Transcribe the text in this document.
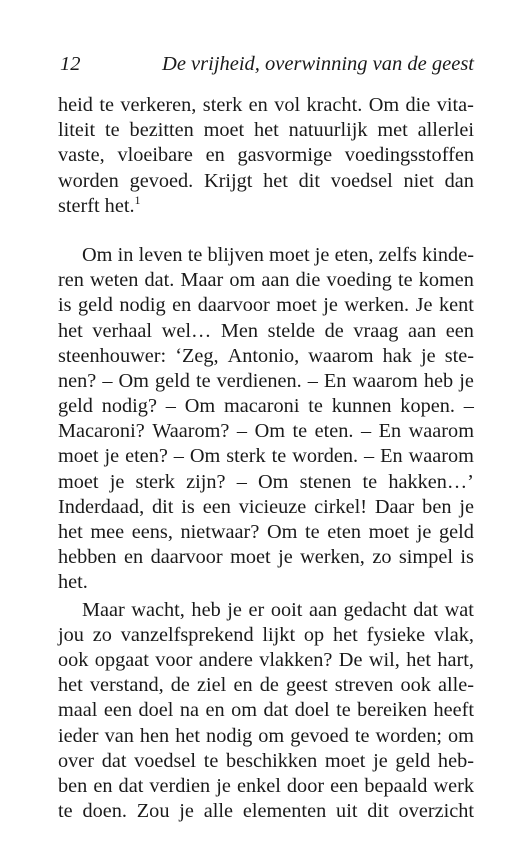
12	De vrijheid, overwinning van de geest
heid te verkeren, sterk en vol kracht. Om die vita-
liteit te bezitten moet het natuurlijk met allerlei
vaste, vloeibare en gasvormige voedingsstoffen
worden gevoed. Krijgt het dit voedsel niet dan
sterft het.$^1$
Om in leven te blijven moet je eten, zelfs kinde-
ren weten dat. Maar om aan die voeding te komen
is geld nodig en daarvoor moet je werken. Je kent
het verhaal wel… Men stelde de vraag aan een
steenhouwer: ‘Zeg, Antonio, waarom hak je ste-
nen? – Om geld te verdienen. – En waarom heb je
geld nodig? – Om macaroni te kunnen kopen. –
Macaroni? Waarom? – Om te eten. – En waarom
moet je eten? – Om sterk te worden. – En waarom
moet je sterk zijn? – Om stenen te hakken…’
Inderdaad, dit is een vicieuze cirkel! Daar ben je
het mee eens, nietwaar? Om te eten moet je geld
hebben en daarvoor moet je werken, zo simpel is
het.
Maar wacht, heb je er ooit aan gedacht dat wat
jou zo vanzelfsprekend lijkt op het fysieke vlak,
ook opgaat voor andere vlakken? De wil, het hart,
het verstand, de ziel en de geest streven ook alle-
maal een doel na en om dat doel te bereiken heeft
ieder van hen het nodig om gevoed te worden; om
over dat voedsel te beschikken moet je geld heb-
ben en dat verdien je enkel door een bepaald werk
te doen. Zou je alle elementen uit dit overzicht
